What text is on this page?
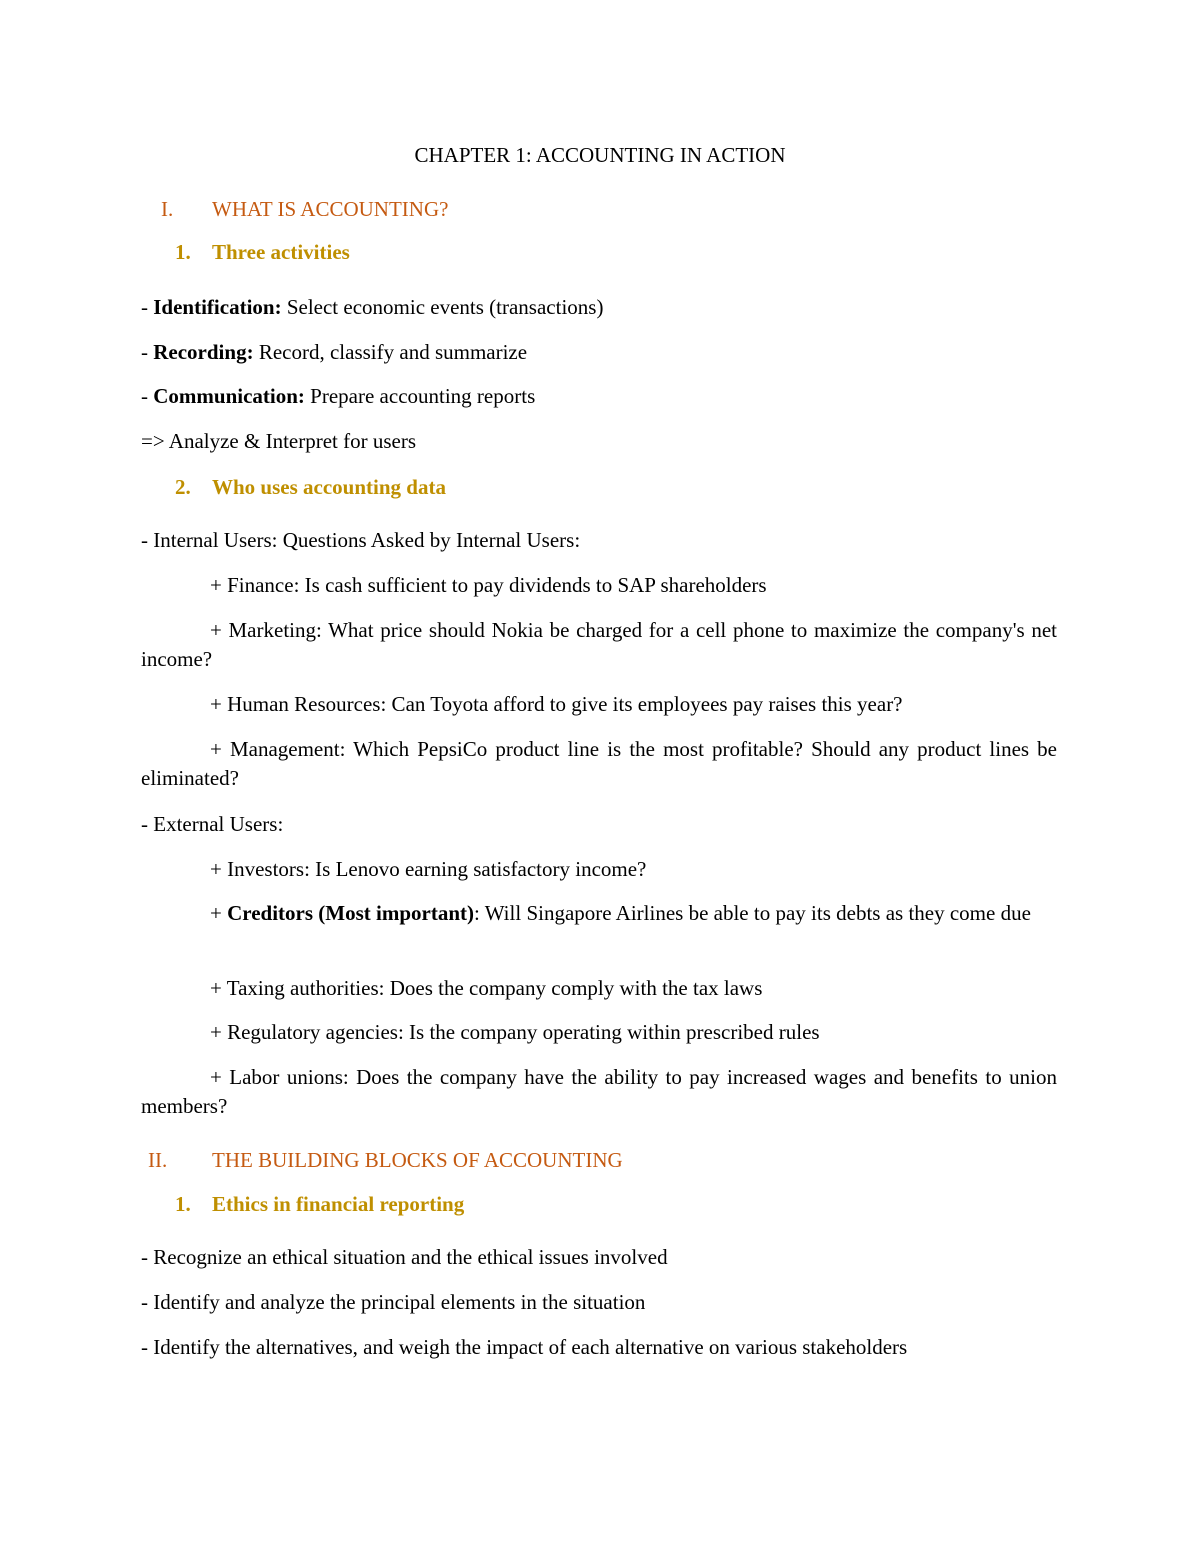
CHAPTER 1: ACCOUNTING IN ACTION
I. WHAT IS ACCOUNTING?
1. Three activities
- Identification: Select economic events (transactions)
- Recording: Record, classify and summarize
- Communication: Prepare accounting reports
=> Analyze & Interpret for users
2. Who uses accounting data
- Internal Users: Questions Asked by Internal Users:
+ Finance: Is cash sufficient to pay dividends to SAP shareholders
+ Marketing: What price should Nokia be charged for a cell phone to maximize the company's net income?
+ Human Resources: Can Toyota afford to give its employees pay raises this year?
+ Management: Which PepsiCo product line is the most profitable? Should any product lines be eliminated?
- External Users:
+ Investors: Is Lenovo earning satisfactory income?
+ Creditors (Most important): Will Singapore Airlines be able to pay its debts as they come due
+ Taxing authorities: Does the company comply with the tax laws
+ Regulatory agencies: Is the company operating within prescribed rules
+ Labor unions: Does the company have the ability to pay increased wages and benefits to union members?
II. THE BUILDING BLOCKS OF ACCOUNTING
1. Ethics in financial reporting
- Recognize an ethical situation and the ethical issues involved
- Identify and analyze the principal elements in the situation
- Identify the alternatives, and weigh the impact of each alternative on various stakeholders
